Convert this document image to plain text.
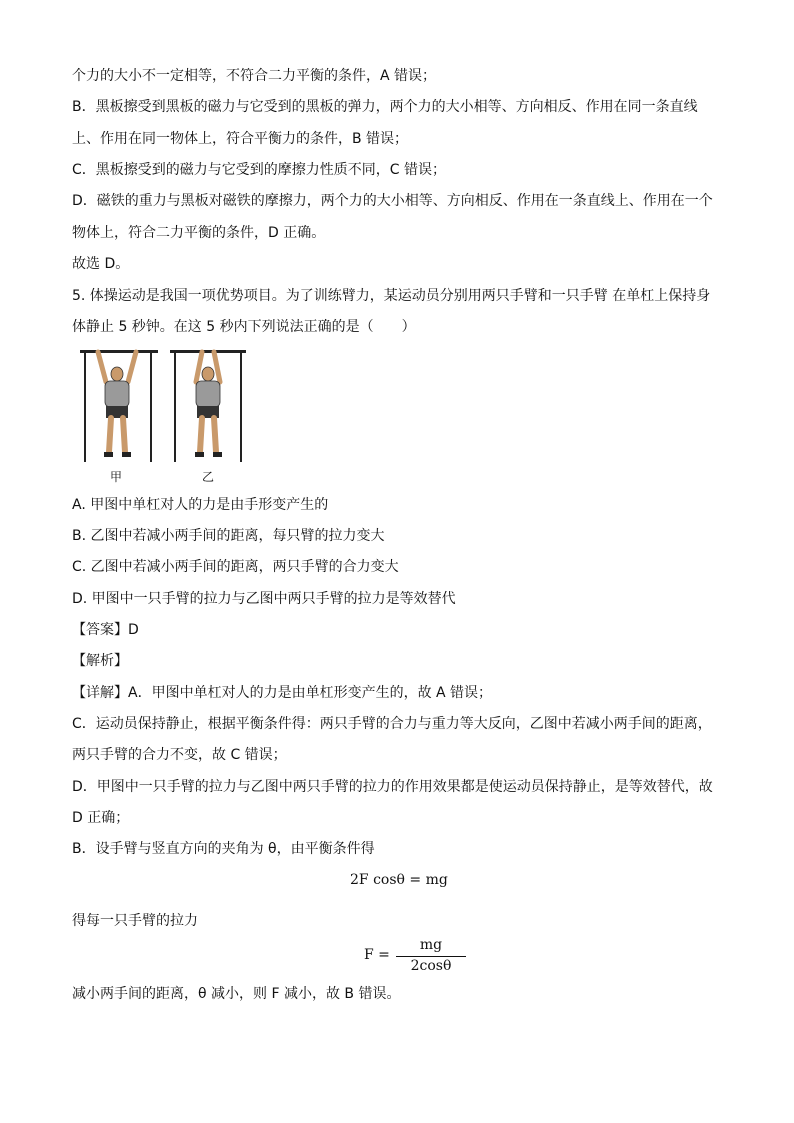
个力的大小不一定相等，不符合二力平衡的条件，A 错误；
B．黑板擦受到黑板的磁力与它受到的黑板的弹力，两个力的大小相等、方向相反、作用在同一条直线
上、作用在同一物体上，符合平衡力的条件，B 错误；
C．黑板擦受到的磁力与它受到的摩擦力性质不同，C 错误；
D．磁铁的重力与黑板对磁铁的摩擦力，两个力的大小相等、方向相反、作用在一条直线上、作用在一个
物体上，符合二力平衡的条件，D 正确。
故选 D。
5. 体操运动是我国一项优势项目。为了训练臂力，某运动员分别用两只手臂和一只手臂 在单杠上保持身
体静止 5 秒钟。在这 5 秒内下列说法正确的是（　　）
甲	乙
A. 甲图中单杠对人的力是由手形变产生的
B. 乙图中若减小两手间的距离，每只臂的拉力变大
C. 乙图中若减小两手间的距离，两只手臂的合力变大
D. 甲图中一只手臂的拉力与乙图中两只手臂的拉力是等效替代
【答案】D
【解析】
【详解】A．甲图中单杠对人的力是由单杠形变产生的，故 A 错误；
C．运动员保持静止，根据平衡条件得：两只手臂的合力与重力等大反向，乙图中若减小两手间的距离，
两只手臂的合力不变，故 C 错误；
D．甲图中一只手臂的拉力与乙图中两只手臂的拉力的作用效果都是使运动员保持静止，是等效替代，故
D 正确；
B．设手臂与竖直方向的夹角为 θ，由平衡条件得
2F cosθ = mg
得每一只手臂的拉力
F =
mg
2cosθ
减小两手间的距离，θ 减小，则 F 减小，故 B 错误。
